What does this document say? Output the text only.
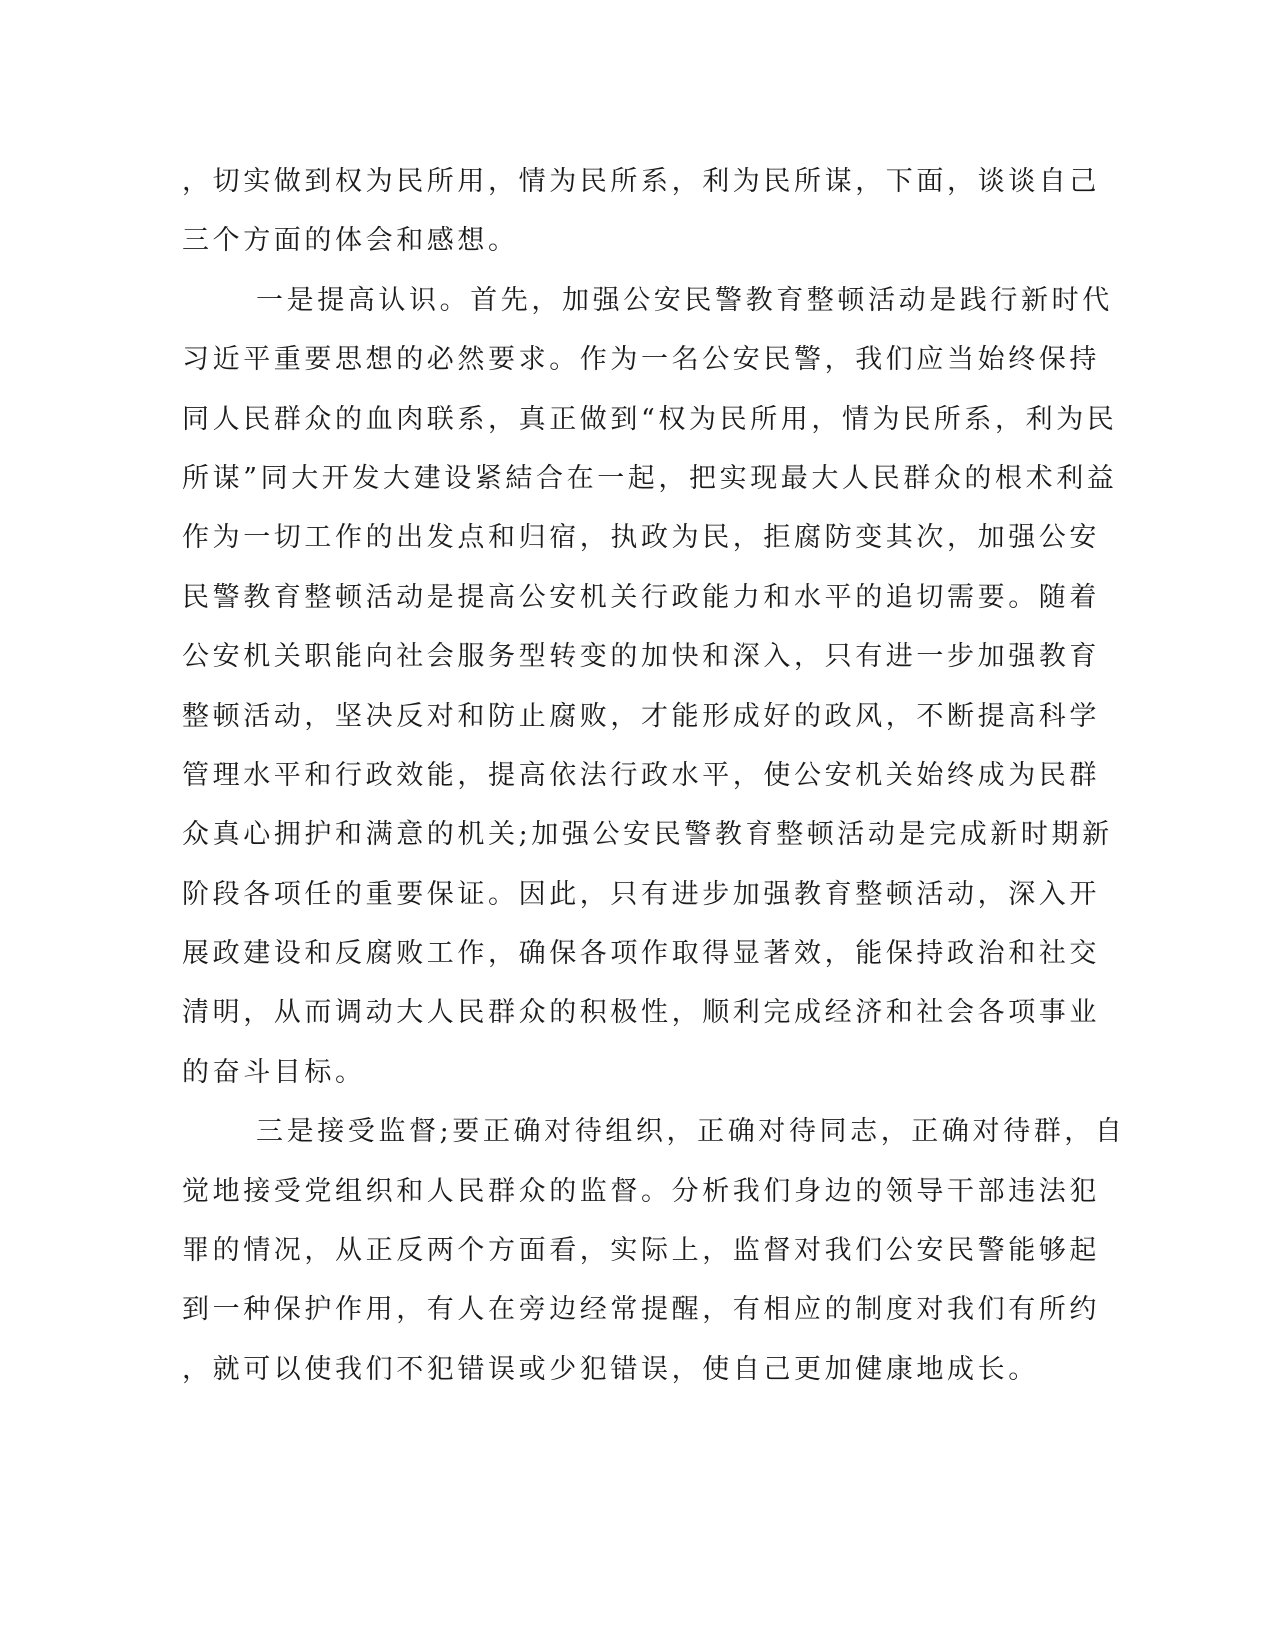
，切实做到权为民所用，情为民所系，利为民所谋，下面，谈谈自己
三个方面的体会和感想。
一是提高认识。首先，加强公安民警教育整顿活动是践行新时代
习近平重要思想的必然要求。作为一名公安民警，我们应当始终保持
同人民群众的血肉联系，真正做到“权为民所用，情为民所系，利为民
所谋”同大开发大建设紧結合在一起，把实现最大人民群众的根术利益
作为一切工作的出发点和归宿，执政为民，拒腐防变其次，加强公安
民警教育整顿活动是提高公安机关行政能力和水平的追切需要。随着
公安机关职能向社会服务型转变的加快和深入，只有进一步加强教育
整顿活动，坚决反对和防止腐败，才能形成好的政风，不断提高科学
管理水平和行政效能，提高依法行政水平，使公安机关始终成为民群
众真心拥护和满意的机关;加强公安民警教育整顿活动是完成新时期新
阶段各项任的重要保证。因此，只有进步加强教育整顿活动，深入开
展政建设和反腐败工作，确保各项作取得显著效，能保持政治和社交
清明，从而调动大人民群众的积极性，顺利完成经济和社会各项事业
的奋斗目标。
三是接受监督;要正确对待组织，正确对待同志，正确对待群，自
觉地接受党组织和人民群众的监督。分析我们身边的领导干部违法犯
罪的情况，从正反两个方面看，实际上，监督对我们公安民警能够起
到一种保护作用，有人在旁边经常提醒，有相应的制度对我们有所约
，就可以使我们不犯错误或少犯错误，使自己更加健康地成长。
